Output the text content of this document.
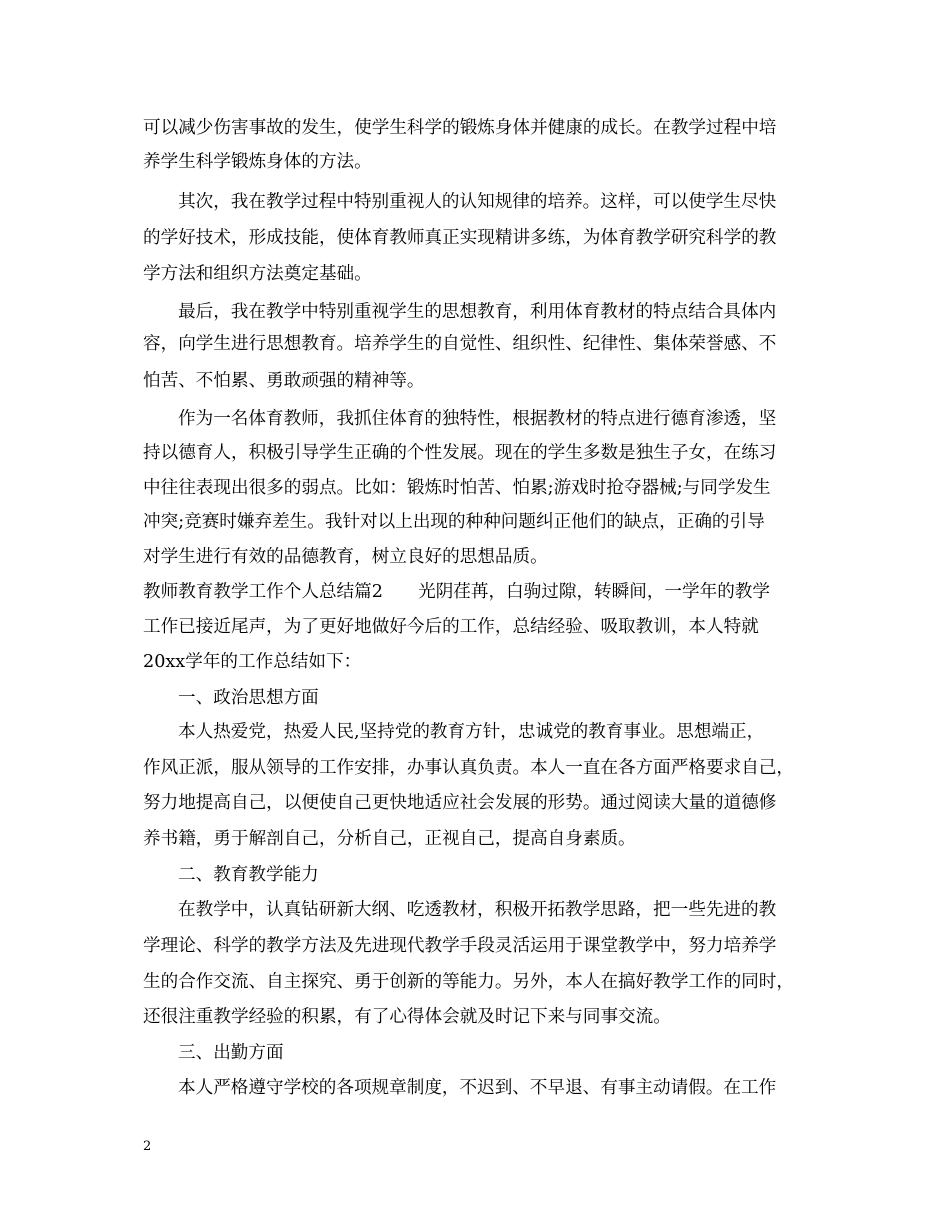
可以减少伤害事故的发生，使学生科学的锻炼身体并健康的成长。在教学过程中培
养学生科学锻炼身体的方法。
其次，我在教学过程中特别重视人的认知规律的培养。这样，可以使学生尽快
的学好技术，形成技能，使体育教师真正实现精讲多练，为体育教学研究科学的教
学方法和组织方法奠定基础。
最后，我在教学中特别重视学生的思想教育，利用体育教材的特点结合具体内
容，向学生进行思想教育。培养学生的自觉性、组织性、纪律性、集体荣誉感、不
怕苦、不怕累、勇敢顽强的精神等。
作为一名体育教师，我抓住体育的独特性，根据教材的特点进行德育渗透，坚
持以德育人，积极引导学生正确的个性发展。现在的学生多数是独生子女，在练习
中往往表现出很多的弱点。比如：锻炼时怕苦、怕累;游戏时抢夺器械;与同学发生
冲突;竞赛时嫌弃差生。我针对以上出现的种种问题纠正他们的缺点，正确的引导
对学生进行有效的品德教育，树立良好的思想品质。
教师教育教学工作个人总结篇2　　光阴荏苒，白驹过隙，转瞬间，一学年的教学
工作已接近尾声，为了更好地做好今后的工作，总结经验、吸取教训，本人特就
20xx学年的工作总结如下：
一、政治思想方面
本人热爱党，热爱人民,坚持党的教育方针，忠诚党的教育事业。思想端正，
作风正派，服从领导的工作安排，办事认真负责。本人一直在各方面严格要求自己，
努力地提高自己，以便使自己更快地适应社会发展的形势。通过阅读大量的道德修
养书籍，勇于解剖自己，分析自己，正视自己，提高自身素质。
二、教育教学能力
在教学中，认真钻研新大纲、吃透教材，积极开拓教学思路，把一些先进的教
学理论、科学的教学方法及先进现代教学手段灵活运用于课堂教学中，努力培养学
生的合作交流、自主探究、勇于创新的等能力。另外，本人在搞好教学工作的同时，
还很注重教学经验的积累，有了心得体会就及时记下来与同事交流。
三、出勤方面
本人严格遵守学校的各项规章制度，不迟到、不早退、有事主动请假。在工作
2
